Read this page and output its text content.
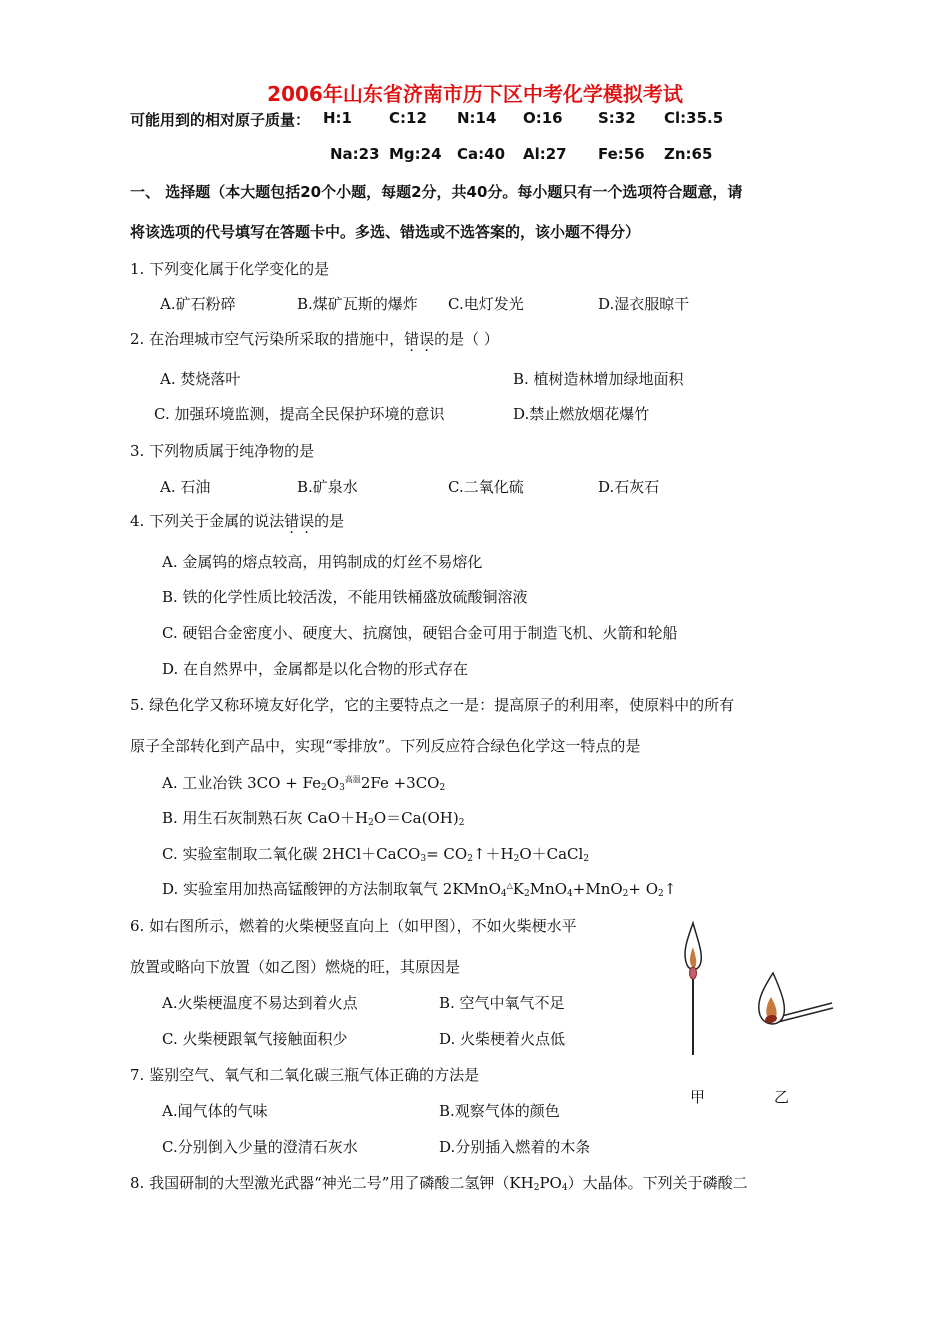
2006年山东省济南市历下区中考化学模拟考试
可能用到的相对原子质量： H:1 C:12 N:14 O:16 S:32 Cl:35.5
Na:23 Mg:24 Ca:40 Al:27 Fe:56 Zn:65
一、 选择题（本大题包括20个小题，每题2分，共40分。每小题只有一个选项符合题意，请
将该选项的代号填写在答题卡中。多选、错选或不选答案的，该小题不得分）
1. 下列变化属于化学变化的是
A.矿石粉碎	B.煤矿瓦斯的爆炸 C.电灯发光	D.湿衣服晾干
2. 在治理城市空气污染所采取的措施中，错误的是（ ）
A. 焚烧落叶	B. 植树造林增加绿地面积
C. 加强环境监测，提高全民保护环境的意识	D.禁止燃放烟花爆竹
3. 下列物质属于纯净物的是
A. 石油	B.矿泉水	C.二氧化硫	D.石灰石
4. 下列关于金属的说法错误的是
A. 金属钨的熔点较高，用钨制成的灯丝不易熔化
B. 铁的化学性质比较活泼，不能用铁桶盛放硫酸铜溶液
C. 硬铝合金密度小、硬度大、抗腐蚀，硬铝合金可用于制造飞机、火箭和轮船
D. 在自然界中，金属都是以化合物的形式存在
5. 绿色化学又称环境友好化学，它的主要特点之一是：提高原子的利用率，使原料中的所有
原子全部转化到产品中，实现“零排放”。下列反应符合绿色化学这一特点的是
A. 工业冶铁 $3CO + Fe_2O_3^{高温}2Fe +3CO_2$
B. 用生石灰制熟石灰 $CaO+H_2O=Ca(OH)_2$
C. 实验室制取二氧化碳 2HCl＋CaCO$_3$= $CO_2↑+H_2O+CaCl_2$
D. 实验室用加热高锰酸钾的方法制取氧气 $2KMnO_4^\triangle K_2MnO_4+MnO_2+$ $O_2↑$
6. 如右图所示，燃着的火柴梗竖直向上（如甲图），不如火柴梗水平
放置或略向下放置（如乙图）燃烧的旺，其原因是
A.火柴梗温度不易达到着火点	B. 空气中氧气不足
C. 火柴梗跟氧气接触面积少	D. 火柴梗着火点低
甲	乙
7. 鉴别空气、氧气和二氧化碳三瓶气体正确的方法是
A.闻气体的气味	B.观察气体的颜色
C.分别倒入少量的澄清石灰水	D.分别插入燃着的木条
8. 我国研制的大型激光武器“神光二号”用了磷酸二氢钾$(KH_2PO_4)$大晶体。下列关于磷酸二
